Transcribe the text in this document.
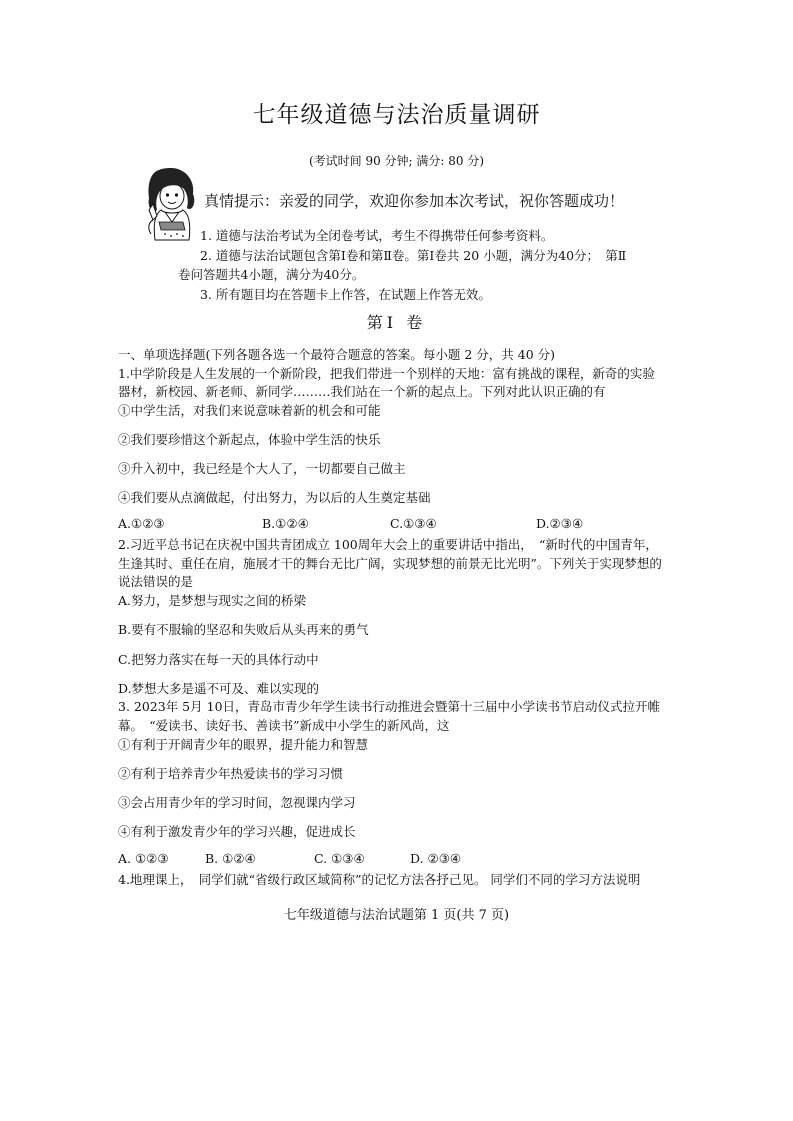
七年级道德与法治质量调研
(考试时间 90 分钟; 满分: 80 分)
真情提示：亲爱的同学，欢迎你参加本次考试，祝你答题成功！
1. 道德与法治考试为全闭卷考试，考生不得携带任何参考资料。
2. 道德与法治试题包含第Ⅰ卷和第Ⅱ卷。第Ⅰ卷共 20 小题，满分为40分；　第Ⅱ
卷问答题共4小题，满分为40分。
3. 所有题目均在答题卡上作答，在试题上作答无效。
第Ⅰ 卷
一、单项选择题(下列各题各选一个最符合题意的答案。每小题 2 分，共 40 分)
1.中学阶段是人生发展的一个新阶段，把我们带进一个别样的天地：富有挑战的课程，新奇的实验
器材，新校园、新老师、新同学………我们站在一个新的起点上。下列对此认识正确的有
①中学生活，对我们来说意味着新的机会和可能
②我们要珍惜这个新起点，体验中学生活的快乐
③升入初中，我已经是个大人了，一切都要自己做主
④我们要从点滴做起，付出努力，为以后的人生奠定基础
A.①②③	B.①②④	C.①③④	D.②③④
2.习近平总书记在庆祝中国共青团成立 100周年大会上的重要讲话中指出，　“新时代的中国青年，
生逢其时、重任在肩，施展才干的舞台无比广阔，实现梦想的前景无比光明”。下列关于实现梦想的
说法错误的是
A.努力，是梦想与现实之间的桥梁
B.要有不服输的坚忍和失败后从头再来的勇气
C.把努力落实在每一天的具体行动中
D.梦想大多是遥不可及、难以实现的
3. 2023年 5月 10日，青岛市青少年学生读书行动推进会暨第十三届中小学读书节启动仪式拉开帷
幕。　“爱读书、读好书、善读书”新成中小学生的新风尚，这
①有利于开阔青少年的眼界，提升能力和智慧
②有利于培养青少年热爱读书的学习习惯
③会占用青少年的学习时间，忽视课内学习
④有利于激发青少年的学习兴趣，促进成长
A. ①②③	B. ①②④	C. ①③④	D. ②③④
4.地理课上，　同学们就“省级行政区域简称”的记忆方法各抒己见。 同学们不同的学习方法说明
七年级道德与法治试题第 1 页(共 7 页)
